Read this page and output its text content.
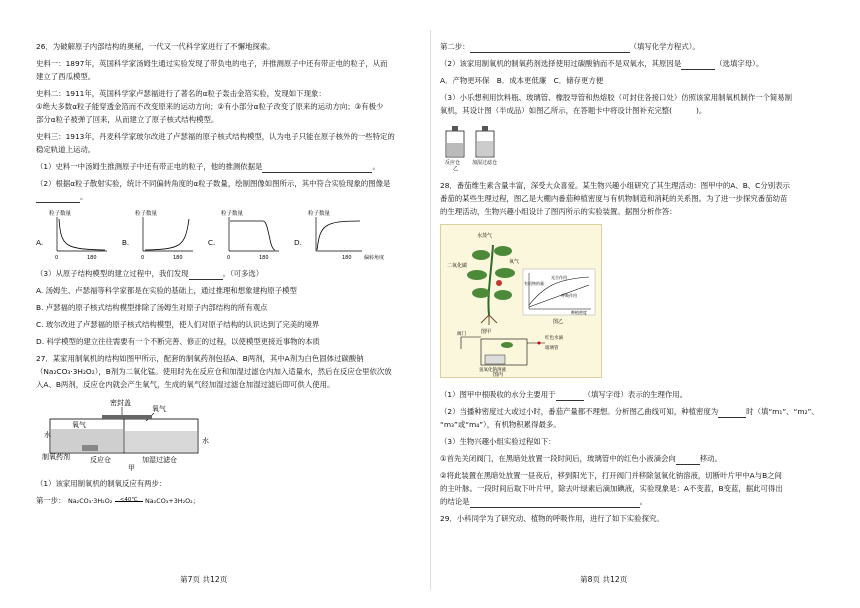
26．为破解原子内部结构的奥秘，一代又一代科学家进行了不懈地探索。

史料一：1897年，英国科学家汤姆生通过实验发现了带负电的电子，并推测原子中还有带正电的粒子，从而
建立了西瓜模型。

史料二：1911年，英国科学家卢瑟福进行了著名的α粒子轰击金箔实验，发现如下现象：
①绝大多数α粒子能穿透金箔而不改变原来的运动方向；②有小部分α粒子改变了原来的运动方向；③有极少
部分α粒子被弹了回来，从而建立了原子核式结构模型。

史料三：1913年，丹麦科学家玻尔改进了卢瑟福的原子核式结构模型，认为电子只能在原子核外的一些特定的
稳定轨道上运动。

（1）史料一中汤姆生推测原子中还有带正电的粒子，他的推测依据是	。

（2）根据α粒子散射实验，统计不同偏转角度的α粒子数量，绘制图像如图所示，其中符合实验现象的图像是
。

A.
粒子数量
0	180
B.
粒子数量
0	180
C.
粒子数量
0	180
D.
粒子数量
180 偏转角度

（3）从原子结构模型的建立过程中，我们发现	。（可多选）

A. 汤姆生、卢瑟福等科学家都是在实验的基础上，通过推理和想象建构原子模型

B. 卢瑟福的原子核式结构模型排除了汤姆生对原子内部结构的所有观点

C. 玻尔改进了卢瑟福的原子核式结构模型，使人们对原子结构的认识达到了完美的境界

D. 科学模型的建立往往需要有一个不断完善、修正的过程，以使模型更接近事物的本质

27．某家用制氧机的结构如图甲所示，配套的制氧药剂包括A、B两剂，其中A剂为白色固体过碳酸钠
（Na₂CO₃·3H₂O₂），B剂为二氧化锰。使用时先在反应仓和加湿过滤仓内加入适量水，然后在反应仓里依次放
入A、B两剂，反应仓内就会产生氧气，生成的氧气经加湿过滤仓加湿过滤后即可供人使用。

密封盖
氧气
氧气
水
水
制氧药剂	反应仓	加湿过滤仓
甲

（1）该家用制氧机的制氧反应有两步：

第一步： Na₂CO₃·3H₂O₂ <40℃ Na₂CO₃+3H₂O₂；

第7页 共12页

第二步：	（填写化学方程式）。

（2）该家用制氧机的制氧药剂选择使用过碳酸钠而不是双氧水，其原因是	（选填字母）。

A．产物更环保　B．成本更低廉　C．储存更方便

（3）小乐想利用饮料瓶、玻璃管、橡胶导管和热熔胶（可封住各接口处）仿照该家用制氧机制作一个简易制
氧机，其设计图（半成品）如图乙所示，在答题卡中将设计图补充完整(	)。

反应仓 加湿过滤仓
乙

28．番茄维生素含量丰富，深受大众喜爱。某生物兴趣小组研究了其生理活动：图甲中的A、B、C分别表示
番茄的某些生理过程，图乙是大棚内番茄种植密度与有机物制造和消耗的关系图。为了进一步探究番茄幼苗
的生理活动，生物兴趣小组设计了图丙所示的实验装置。据图分析作答：

水蒸气
氧气
二氧化碳
图甲
光合作用
呼吸作用
有机物的量
种植密度
图乙
阀门
红色水滴
玻璃管
氢氧化钠溶液
图丙

（1）图甲中根吸收的水分主要用于	（填写字母）表示的生理作用。

（2）当播种密度过大或过小时，番茄产量都不理想。分析图乙曲线可知，种植密度为	时（填“m₁”、“m₂”、
“m₃”或“m₄”），有机物积累得最多。

（3）生物兴趣小组实验过程如下：

①首先关闭阀门，在黑暗处放置一段时间后，玻璃管中的红色小液滴会向	移动。

②将此装置在黑暗处放置一昼夜后，移到阳光下，打开阀门并移除氢氧化钠溶液，切断叶片甲中A与B之间
的主叶脉。一段时间后取下叶片甲，除去叶绿素后滴加碘液，实验现象是：A不变蓝，B变蓝，据此可得出
的结论是	。

29．小科同学为了研究动、植物的呼吸作用，进行了如下实验探究。

第8页 共12页
